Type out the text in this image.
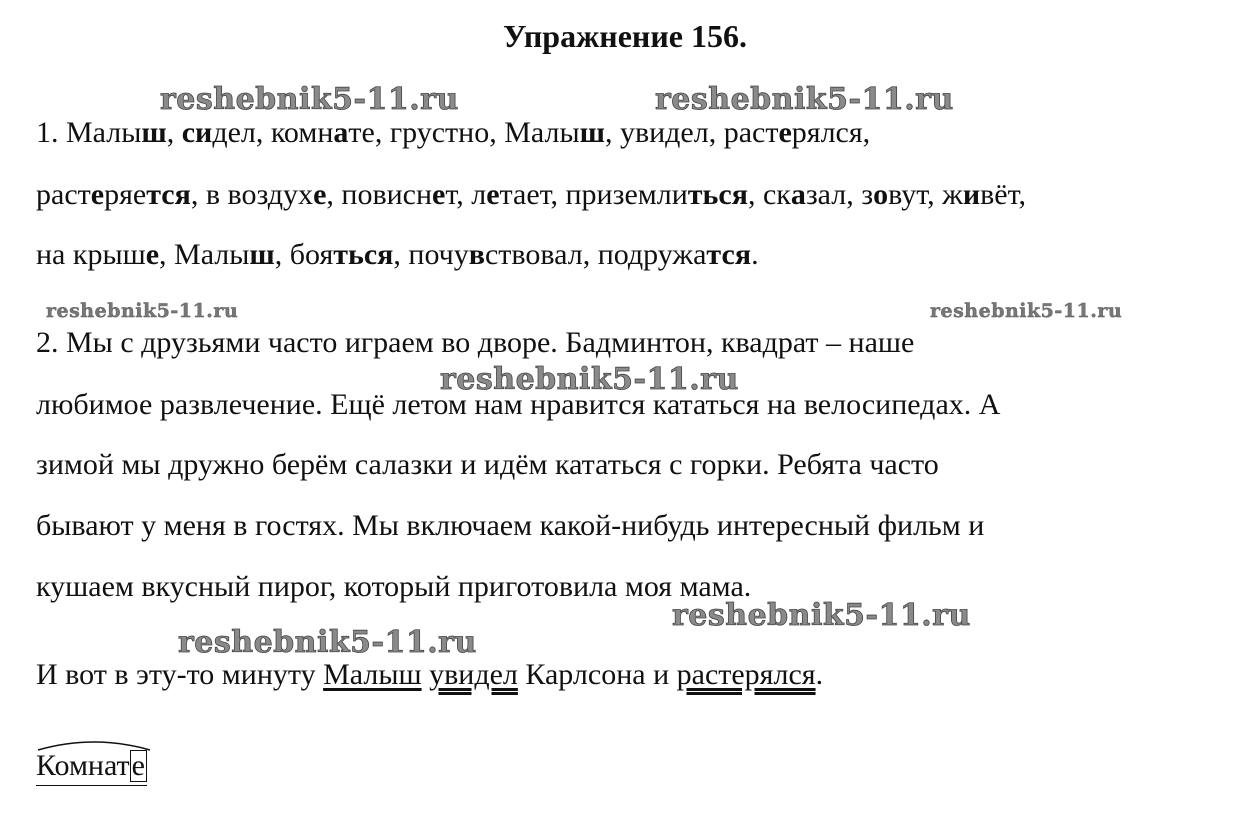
Упражнение 156.
reshebnik5-11.ru	reshebnik5-11.ru
reshebnik5-11.ru	reshebnik5-11.ru
reshebnik5-11.ru
reshebnik5-11.ru
reshebnik5-11.ru
1. Малыш, сидел, комнате, грустно, Малыш, увидел, растерялся,
растеряется, в воздухе, повиснет, летает, приземлиться, сказал, зовут, живёт,
на крыше, Малыш, бояться, почувствовал, подружатся.
2. Мы с друзьями часто играем во дворе. Бадминтон, квадрат – наше
любимое развлечение. Ещё летом нам нравится кататься на велосипедах. А
зимой мы дружно берём салазки и идём кататься с горки. Ребята часто
бывают у меня в гостях. Мы включаем какой-нибудь интересный фильм и
кушаем вкусный пирог, который приготовила моя мама.
И вот в эту-то минуту Малыш увидел Карлсона и растерялся.
Комнате
